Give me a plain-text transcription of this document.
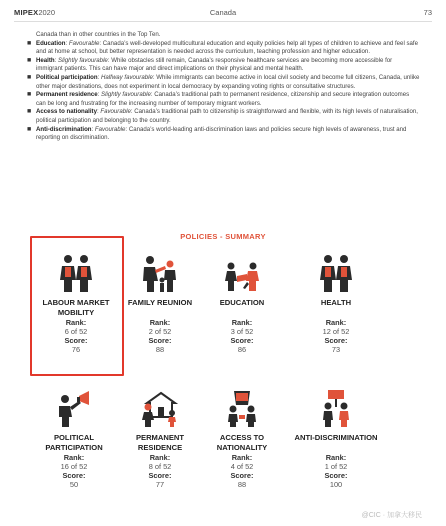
MIPEX2020	Canada	73
Canada than in other countries in the Top Ten.
■ Education: Favourable: Canada’s well-developed multicultural education and equity policies help all types of children to achieve and feel safe and at home at school, but better representation is needed across the curriculum, teaching profession and higher education.
■ Health: Slightly favourable: While obstacles still remain, Canada’s responsive healthcare services are becoming more accessible for immigrant patients. This can have major and direct implications on their physical and mental health.
■ Political participation: Halfway favourable: While immigrants can become active in local civil society and become full citizens, Canada, unlike other major destinations, does not experiment in local democracy by expanding voting rights or consultative structures.
■ Permanent residence: Slightly favourable: Canada’s traditional path to permanent residence, citizenship and secure integration outcomes can be long and frustrating for the increasing number of temporary migrant workers.
■ Access to nationality: Favourable: Canada’s traditional path to citizenship is straightforward and flexible, with its high levels of naturalisation, political participation and belonging to the country.
■ Anti-discrimination: Favourable: Canada’s world-leading anti-discrimination laws and policies secure high levels of awareness, trust and reporting on discrimination.
POLICIES - SUMMARY
LABOUR MARKET MOBILITY
Rank:
6 of 52
Score:
76
FAMILY REUNION
Rank:
2 of 52
Score:
88
EDUCATION
Rank:
3 of 52
Score:
86
HEALTH
Rank:
12 of 52
Score:
73
POLITICAL PARTICIPATION
Rank:
16 of 52
Score:
50
PERMANENT RESIDENCE
Rank:
8 of 52
Score:
77
ACCESS TO NATIONALITY
Rank:
4 of 52
Score:
88
ANTI-DISCRIMINATION
Rank:
1 of 52
Score:
100
@CIC · 加拿大移民
